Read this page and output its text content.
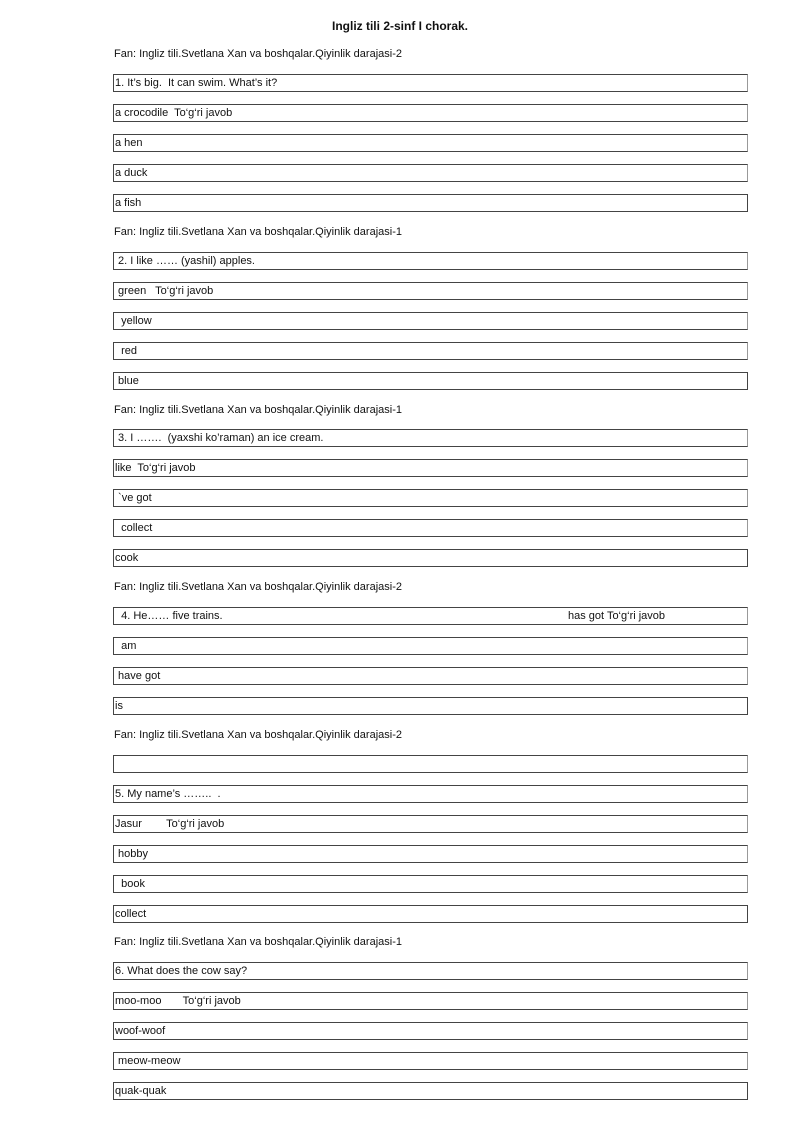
Ingliz tili 2-sinf I chorak.
Fan: Ingliz tili.Svetlana Xan va boshqalar.Qiyinlik darajasi-2
1. It’s big.  It can swim. What’s it?
a crocodile  To‘g‘ri javob
a hen
a duck
a fish
Fan: Ingliz tili.Svetlana Xan va boshqalar.Qiyinlik darajasi-1
2. I like …… (yashil) apples.
green   To‘g‘ri javob
yellow
red
blue
Fan: Ingliz tili.Svetlana Xan va boshqalar.Qiyinlik darajasi-1
3. I …….  (yaxshi ko’raman) an ice cream.
like  To‘g‘ri javob
`ve got
collect
cook
Fan: Ingliz tili.Svetlana Xan va boshqalar.Qiyinlik darajasi-2
4. He…… five trains.	has got To‘g‘ri javob
am
have got
is
Fan: Ingliz tili.Svetlana Xan va boshqalar.Qiyinlik darajasi-2
5. My name’s ……..  .
Jasur        To‘g‘ri javob
hobby
book
collect
Fan: Ingliz tili.Svetlana Xan va boshqalar.Qiyinlik darajasi-1
6. What does the cow say?
moo-moo       To‘g‘ri javob
woof-woof
meow-meow
quak-quak
